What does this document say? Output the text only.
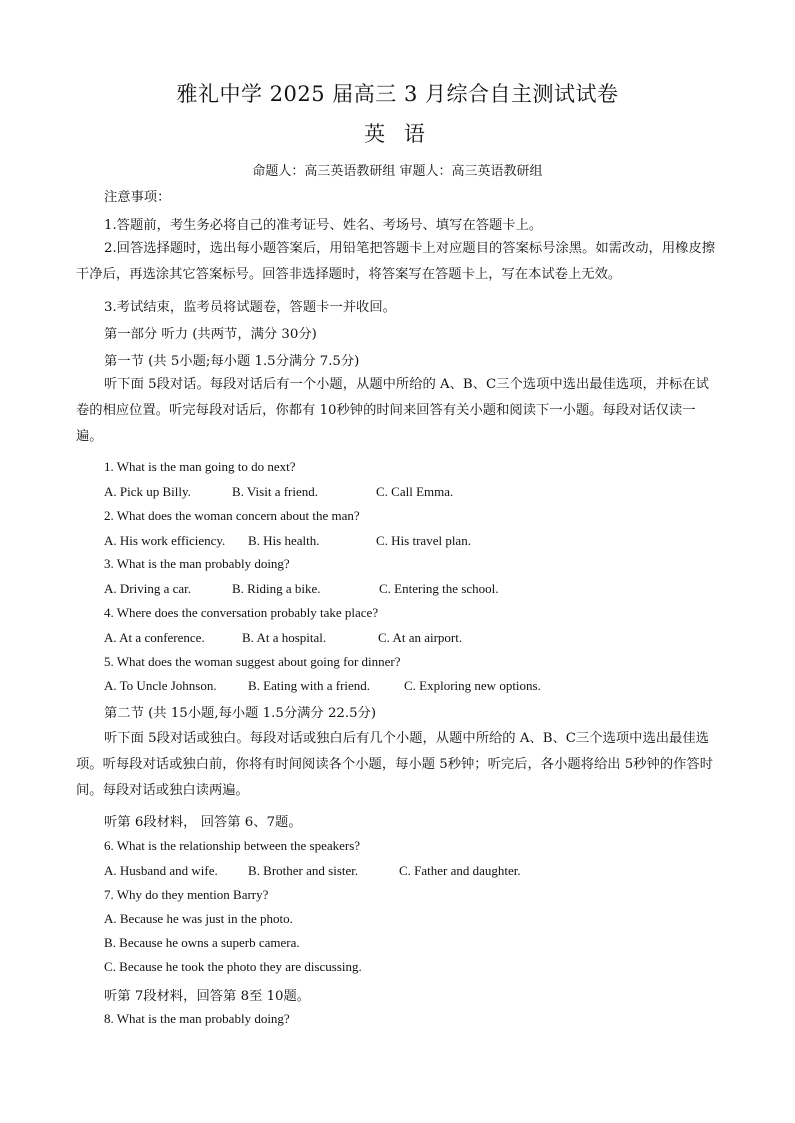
雅礼中学 2025 届高三 3 月综合自主测试试卷
英 语
命题人：高三英语教研组 审题人：高三英语教研组
注意事项：
1.答题前，考生务必将自己的准考证号、姓名、考场号、填写在答题卡上。
2.回答选择题时，选出每小题答案后，用铅笔把答题卡上对应题目的答案标号涂黑。如需改动，用橡皮擦干净后，再选涂其它答案标号。回答非选择题时，将答案写在答题卡上，写在本试卷上无效。
3.考试结束，监考员将试题卷，答题卡一并收回。
第一部分 听力 (共两节，满分 30分)
第一节 (共 5小题;每小题 1.5分满分 7.5分)
听下面 5段对话。每段对话后有一个小题，从题中所给的 A、B、C三个选项中选出最佳选项，并标在试卷的相应位置。听完每段对话后，你都有 10秒钟的时间来回答有关小题和阅读下一小题。每段对话仅读一遍。
1. What is the man going to do next?
A. Pick up Billy.	B. Visit a friend.	C. Call Emma.
2. What does the woman concern about the man?
A. His work efficiency. B. His health.	C. His travel plan.
3. What is the man probably doing?
A. Driving a car.	B. Riding a bike.	C. Entering the school.
4. Where does the conversation probably take place?
A. At a conference.	B. At a hospital.	C. At an airport.
5. What does the woman suggest about going for dinner?
A. To Uncle Johnson. B. Eating with a friend.	C. Exploring new options.
第二节 (共 15小题,每小题 1.5分满分 22.5分)
听下面 5段对话或独白。每段对话或独白后有几个小题，从题中所给的 A、B、C三个选项中选出最佳选项。听每段对话或独白前，你将有时间阅读各个小题，每小题 5秒钟；听完后，各小题将给出 5秒钟的作答时间。每段对话或独白读两遍。
听第 6段材料， 回答第 6、7题。
6. What is the relationship between the speakers?
A. Husband and wife. B. Brother and sister.	C. Father and daughter.
7. Why do they mention Barry?
A. Because he was just in the photo.
B. Because he owns a superb camera.
C. Because he took the photo they are discussing.
听第 7段材料，回答第 8至 10题。
8. What is the man probably doing?
